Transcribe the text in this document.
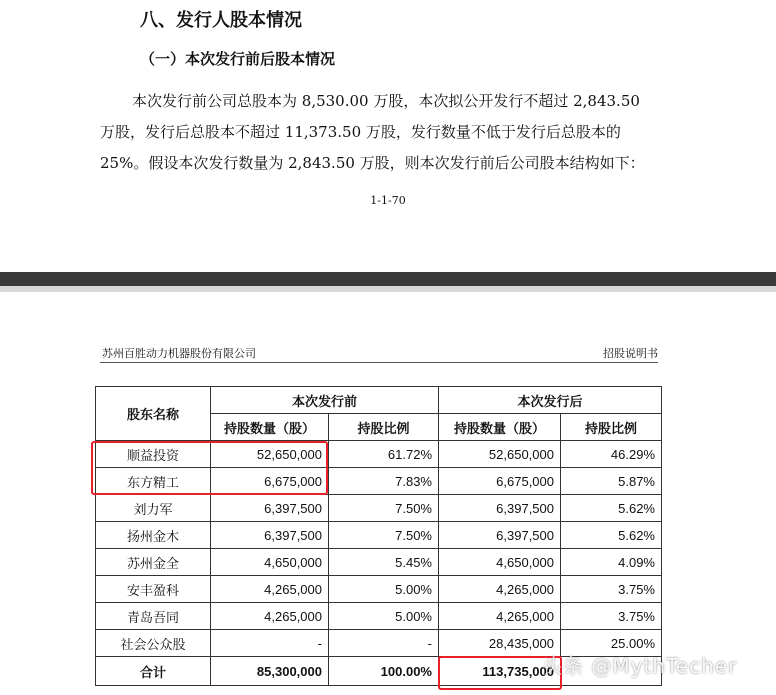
八、发行人股本情况
（一）本次发行前后股本情况
本次发行前公司总股本为 8,530.00 万股，本次拟公开发行不超过 2,843.50
万股，发行后总股本不超过 11,373.50 万股，发行数量不低于发行后总股本的
25%。假设本次发行数量为 2,843.50 万股，则本次发行前后公司股本结构如下：
1-1-70
苏州百胜动力机器股份有限公司	招股说明书
股东名称	本次发行前		本次发行后	
	持股数量（股）	持股比例	持股数量（股）	持股比例
顺益投资	52,650,000	61.72%	52,650,000	46.29%
东方精工	6,675,000	7.83%	6,675,000	5.87%
刘力军	6,397,500	7.50%	6,397,500	5.62%
扬州金木	6,397,500	7.50%	6,397,500	5.62%
苏州金全	4,650,000	5.45%	4,650,000	4.09%
安丰盈科	4,265,000	5.00%	4,265,000	3.75%
青岛吾同	4,265,000	5.00%	4,265,000	3.75%
社会公众股	-	-	28,435,000	25.00%
合计	85,300,000	100.00%	113,735,000	
头条 @MythTecher
